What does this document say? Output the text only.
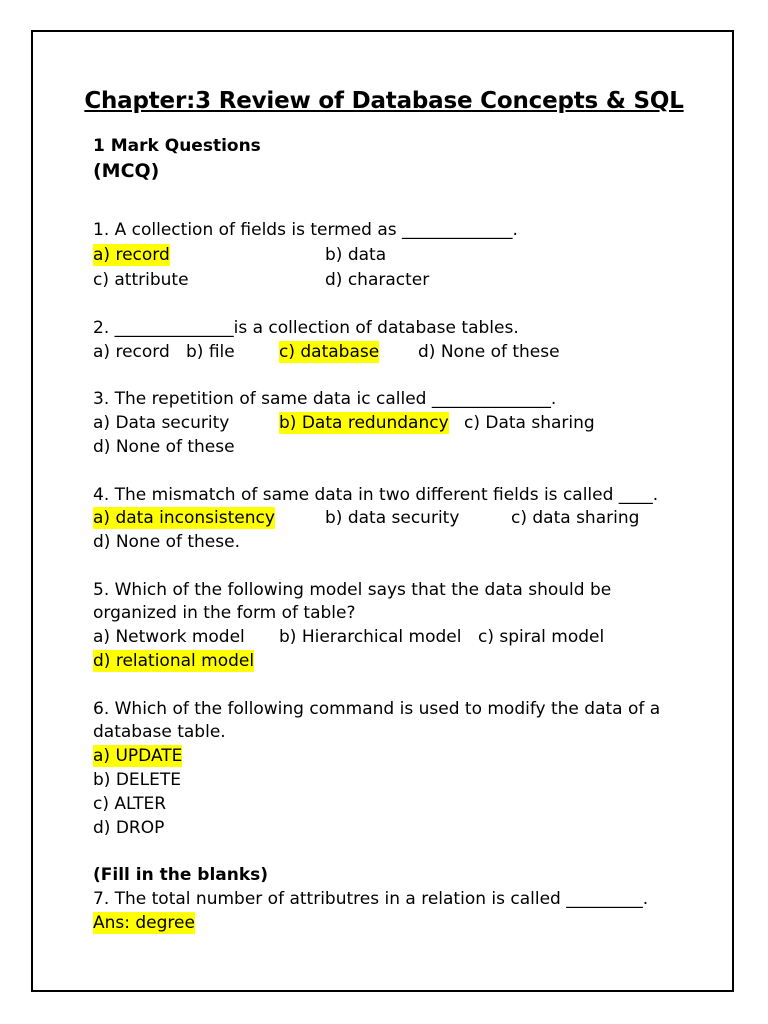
Chapter:3 Review of Database Concepts & SQL
1 Mark Questions
(MCQ)
1. A collection of fields is termed as _____________.
a) record	b) data
c) attribute	d) character
2. ______________is a collection of database tables.
a) record b) file	c) database d) None of these
3. The repetition of same data ic called ______________.
a) Data security	b) Data redundancy c) Data sharing
d) None of these
4. The mismatch of same data in two different fields is called ____.
a) data inconsistency	b) data security	c) data sharing
d) None of these.
5. Which of the following model says that the data should be
organized in the form of table?
a) Network model b) Hierarchical model c) spiral model
d) relational model
6. Which of the following command is used to modify the data of a
database table.
a) UPDATE
b) DELETE
c) ALTER
d) DROP
(Fill in the blanks)
7. The total number of attributres in a relation is called _________.
Ans: degree
